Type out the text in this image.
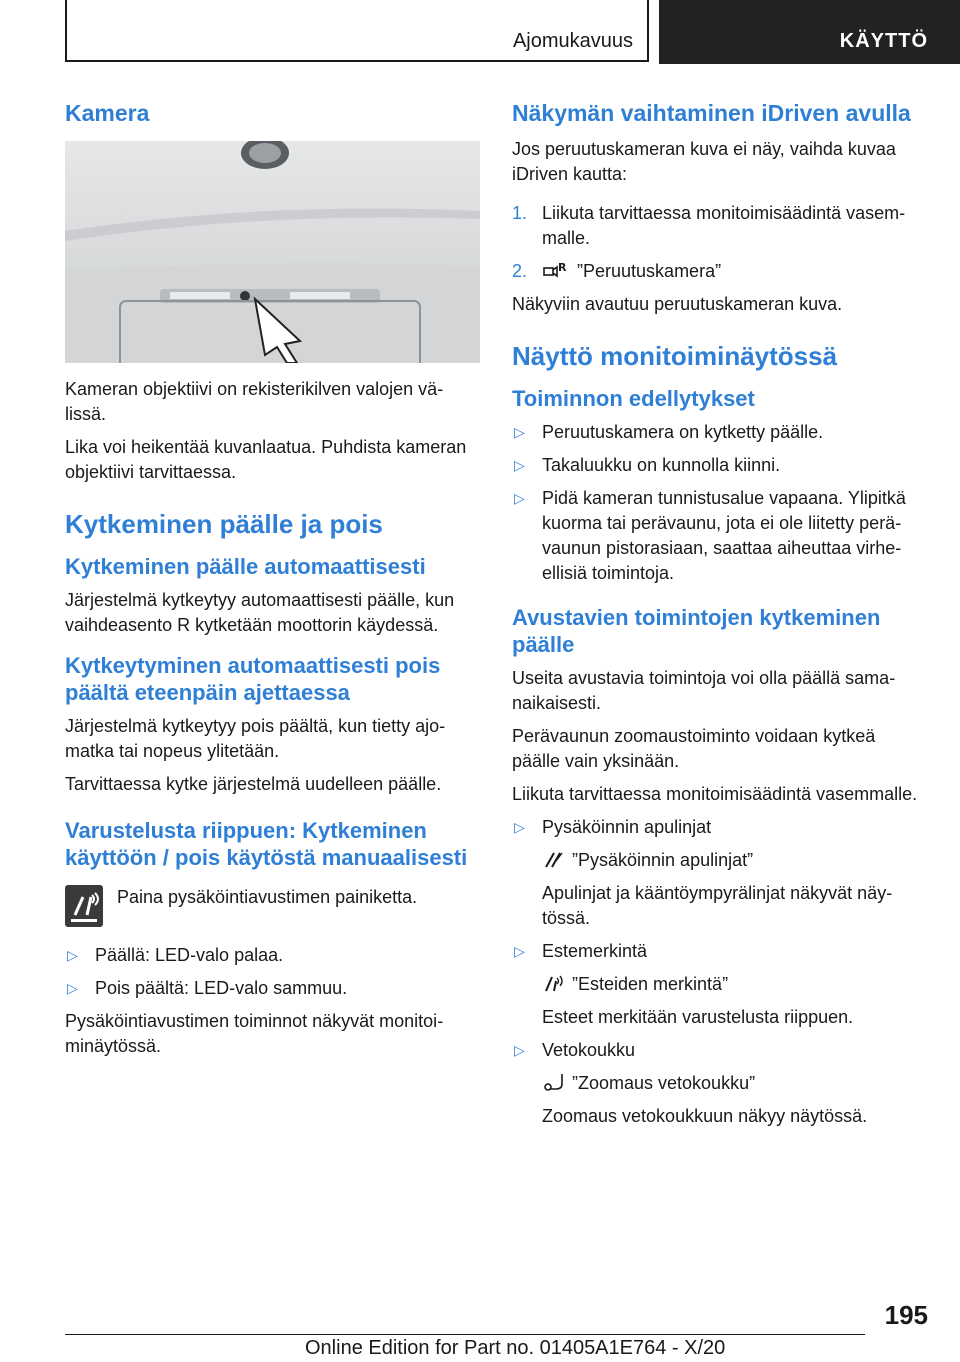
Ajomukavuus	KÄYTTÖ
Kamera

Kameran objektiivi on rekisterikilven valojen välissä.

Lika voi heikentää kuvanlaatua. Puhdista kameran objektiivi tarvittaessa.

Kytkeminen päälle ja pois
Kytkeminen päälle automaattisesti

Järjestelmä kytkeytyy automaattisesti päälle, kun vaihdeasento R kytketään moottorin käydessä.

Kytkeytyminen automaattisesti pois päältä eteenpäin ajettaessa

Järjestelmä kytkeytyy pois päältä, kun tietty ajomatka tai nopeus ylitetään.

Tarvittaessa kytke järjestelmä uudelleen päälle.

Varustelusta riippuen: Kytkeminen käyttöön / pois käytöstä manuaalisesti

Paina pysäköintiavustimen painiketta.

▷ Päällä: LED-valo palaa.
▷ Pois päältä: LED-valo sammuu.

Pysäköintiavustimen toiminnot näkyvät monitoiminäytössä.

Näkymän vaihtaminen iDriven avulla

Jos peruutuskameran kuva ei näy, vaihda kuvaa iDriven kautta:

1. Liikuta tarvittaessa monitoimisäädintä vasemmalle.
2.	R ”Peruutuskamera”

Näkyviin avautuu peruutuskameran kuva.

Näyttö monitoiminäytössä
Toiminnon edellytykset
▷ Peruutuskamera on kytketty päälle.
▷ Takaluukku on kunnolla kiinni.
▷ Pidä kameran tunnistusalue vapaana. Ylipitkä kuorma tai perävaunu, jota ei ole liitetty perävaunun pistorasiaan, saattaa aiheuttaa virheellisiä toimintoja.
Avustavien toimintojen kytkeminen päälle

Useita avustavia toimintoja voi olla päällä samanaikaisesti.

Perävaunun zoomaustoiminto voidaan kytkeä päälle vain yksinään.

Liikuta tarvittaessa monitoimisäädintä vasemmalle.

▷ Pysäköinnin apulinjat
”Pysäköinnin apulinjat”
Apulinjat ja kääntöympyrälinjat näkyvät näytössä.
▷ Estemerkintä
”Esteiden merkintä”
Esteet merkitään varustelusta riippuen.
▷ Vetokoukku
”Zoomaus vetokoukku”
Zoomaus vetokoukkuun näkyy näytössä.
195
Online Edition for Part no. 01405A1E764 - X/20
